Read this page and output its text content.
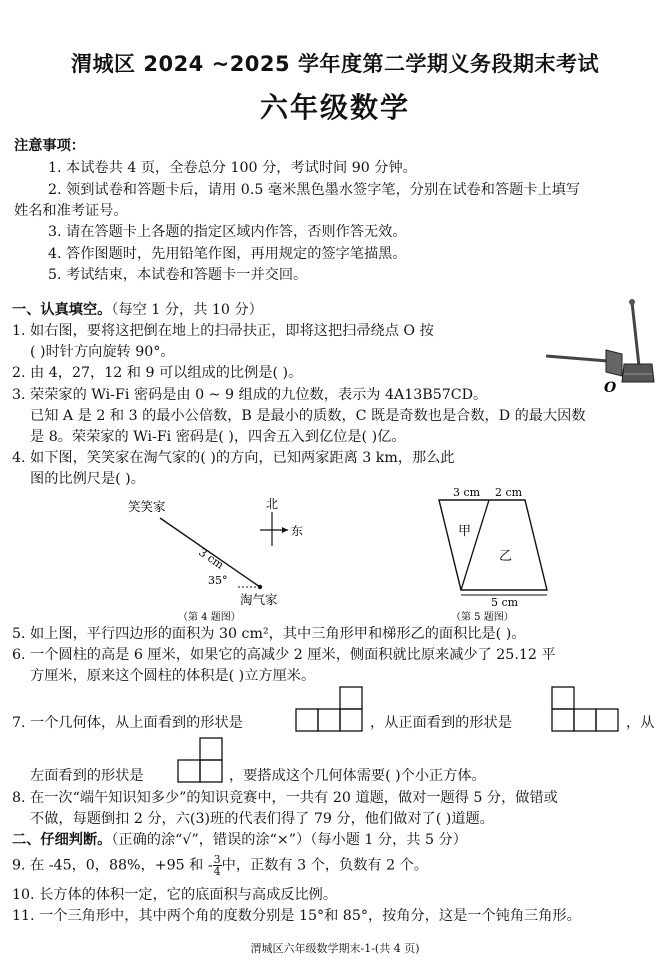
渭城区 2024 ~2025 学年度第二学期义务段期末考试
六年级数学
注意事项：
1. 本试卷共 4 页，全卷总分 100 分，考试时间 90 分钟。
2. 领到试卷和答题卡后，请用 0.5 毫米黑色墨水签字笔，分别在试卷和答题卡上填写
姓名和准考证号。
3. 请在答题卡上各题的指定区域内作答，否则作答无效。
4. 答作图题时，先用铅笔作图，再用规定的签字笔描黑。
5. 考试结束，本试卷和答题卡一并交回。
一、认真填空。（每空 1 分，共 10 分）
1. 如右图，要将这把倒在地上的扫帚扶正，即将这把扫帚绕点 O 按
( )时针方向旋转 90°。
2. 由 4，27，12 和 9 可以组成的比例是( )。
3. 荣荣家的 Wi-Fi 密码是由 0 ~ 9 组成的九位数，表示为 4A13B57CD。
已知 A 是 2 和 3 的最小公倍数，B 是最小的质数，C 既是奇数也是合数，D 的最大因数
是 8。荣荣家的 Wi-Fi 密码是( )，四舍五入到亿位是( )亿。
4. 如下图，笑笑家在淘气家的( )的方向，已知两家距离 3 km，那么此
图的比例尺是( )。
O
笑笑家
3 cm
35°
淘气家
北
东
（第 4 题图）
3 cm 2 cm
甲
乙
5 cm
（第 5 题图）
5. 如上图，平行四边形的面积为 30 cm²，其中三角形甲和梯形乙的面积比是( )。
6. 一个圆柱的高是 6 厘米，如果它的高减少 2 厘米，侧面积就比原来减少了 25.12 平
方厘米，原来这个圆柱的体积是( )立方厘米。
7. 一个几何体，从上面看到的形状是	，从正面看到的形状是	，从
左面看到的形状是	，要搭成这个几何体需要( )个小正方体。
8. 在一次“端午知识知多少”的知识竞赛中，一共有 20 道题，做对一题得 5 分，做错或
不做，每题倒扣 2 分，六(3)班的代表们得了 79 分，他们做对了( )道题。
二、仔细判断。（正确的涂“√”，错误的涂“×”）（每小题 1 分，共 5 分）
9. 在 -45，0，88%，+95 和 - $\frac{3}{4}$ 中，正数有 3 个，负数有 2 个。
10. 长方体的体积一定，它的底面积与高成反比例。
11. 一个三角形中，其中两个角的度数分别是 15°和 85°，按角分，这是一个钝角三角形。
渭城区六年级数学期末-1-(共 4 页)
